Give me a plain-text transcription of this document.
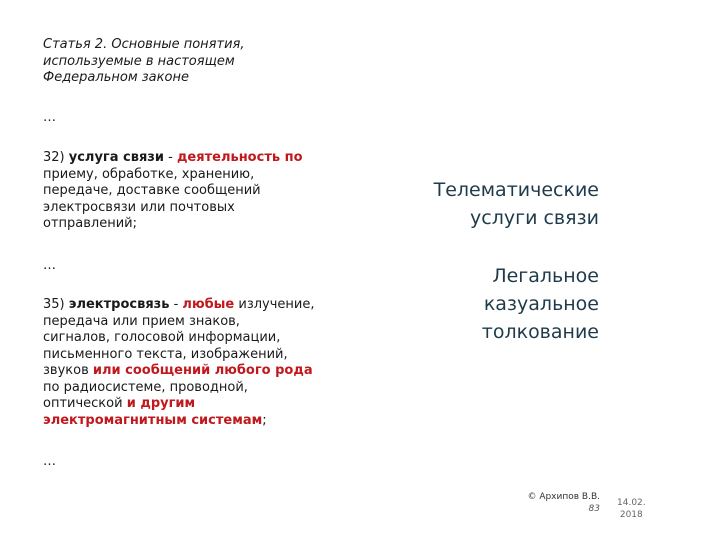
Статья 2. Основные понятия,
используемые в настоящем
Федеральном законе
…
32) услуга связи - деятельность по
приему, обработке, хранению,
передаче, доставке сообщений
электросвязи или почтовых
отправлений;
…
35) электросвязь - любые излучение,
передача или прием знаков,
сигналов, голосовой информации,
письменного текста, изображений,
звуков или сообщений любого рода
по радиосистеме, проводной,
оптической и другим
электромагнитным системам;
…
Телематические
услуги связи
Легальное
казуальное
толкование
© Архипов В.В.
83
14.02.
2018
